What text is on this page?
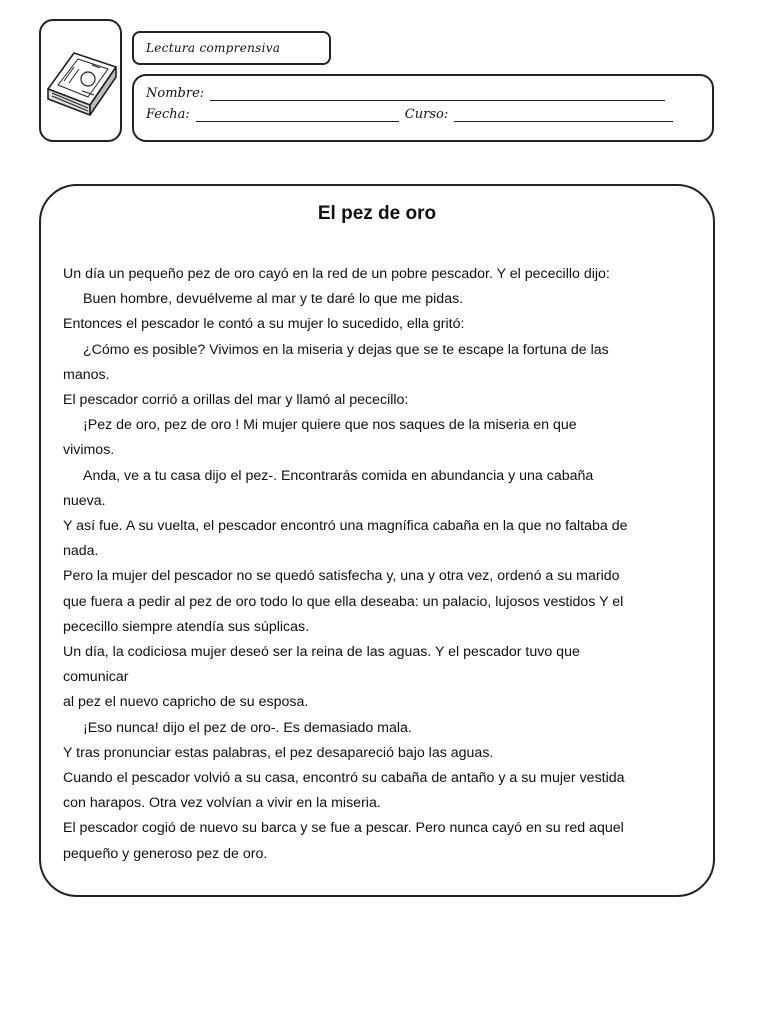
Lectura comprensiva
Nombre:
Fecha:	Curso:
El pez de oro

Un día un pequeño pez de oro cayó en la red de un pobre pescador. Y el pececillo dijo:

Buen hombre, devuélveme al mar y te daré lo que me pidas.

Entonces el pescador le contó a su mujer lo sucedido, ella gritó:

¿Cómo es posible? Vivimos en la miseria y dejas que se te escape la fortuna de las

manos.

El pescador corrió a orillas del mar y llamó al pececillo:

¡Pez de oro, pez de oro ! Mi mujer quiere que nos saques de la miseria en que

vivimos.

Anda, ve a tu casa dijo el pez-. Encontrarás comida en abundancia y una cabaña

nueva.

Y así fue. A su vuelta, el pescador encontró una magnífica cabaña en la que no faltaba de

nada.

Pero la mujer del pescador no se quedó satisfecha y, una y otra vez, ordenó a su marido

que fuera a pedir al pez de oro todo lo que ella deseaba: un palacio, lujosos vestidos Y el

pececillo siempre atendía sus súplicas.

Un día, la codiciosa mujer deseó ser la reina de las aguas. Y el pescador tuvo que

comunicar

al pez el nuevo capricho de su esposa.

¡Eso nunca! dijo el pez de oro-. Es demasiado mala.

Y tras pronunciar estas palabras, el pez desapareció bajo las aguas.

Cuando el pescador volvió a su casa, encontró su cabaña de antaño y a su mujer vestida

con harapos. Otra vez volvían a vivir en la miseria.

El pescador cogió de nuevo su barca y se fue a pescar. Pero nunca cayó en su red aquel

pequeño y generoso pez de oro.
